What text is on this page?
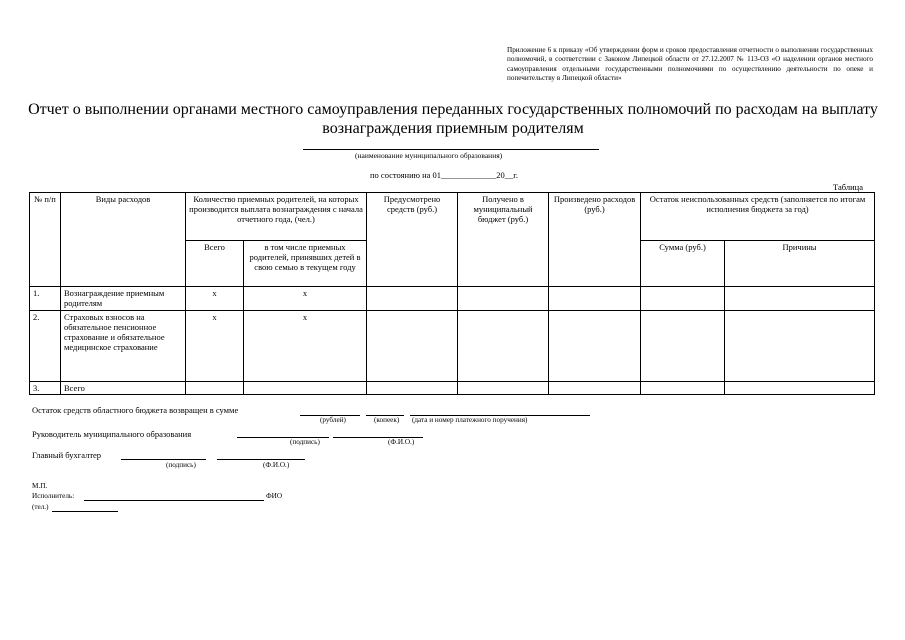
Приложение 6 к приказу «Об утверждении форм и сроков предоставления отчетности о выполнении государственных полномочий, в соответствии с Законом Липецкой области от 27.12.2007 № 113-ОЗ «О наделении органов местного самоуправления отдельными государственными полномочиями по осуществлению деятельности по опеке и попечительству в Липецкой области»
Отчет о выполнении органами местного самоуправления переданных государственных полномочий по расходам на выплату вознаграждения приемным родителям
(наименование муниципального образования)
по состоянию на 01_____________20__г.
Таблица
№ п/п	Виды расходов	Количество приемных родителей, на которых производится выплата вознаграждения с начала отчетного года, (чел.)		Предусмотрено средств (руб.)	Получено в муниципальный бюджет (руб.)	Произведено расходов (руб.)	Остаток неиспользованных средств (заполняется по итогам исполнения бюджета за год)	
		Всего	в том числе приемных родителей, принявших детей в свою семью в текущем году				Сумма (руб.)	Причины
1.	Вознаграждение приемным родителям	x	x					
2.	Страховых взносов на обязательное пенсионное страхование и обязательное медицинское страхование	x	x					
3.	Всего							
Остаток средств областного бюджета возвращен в сумме
(рублей)	(копеек) (дата и номер платежного поручения)
Руководитель муниципального образования
(подпись)	(Ф.И.О.)
Главный бухгалтер
(подпись)	(Ф.И.О.)
М.П.
Исполнитель:	ФИО
(тел.)
